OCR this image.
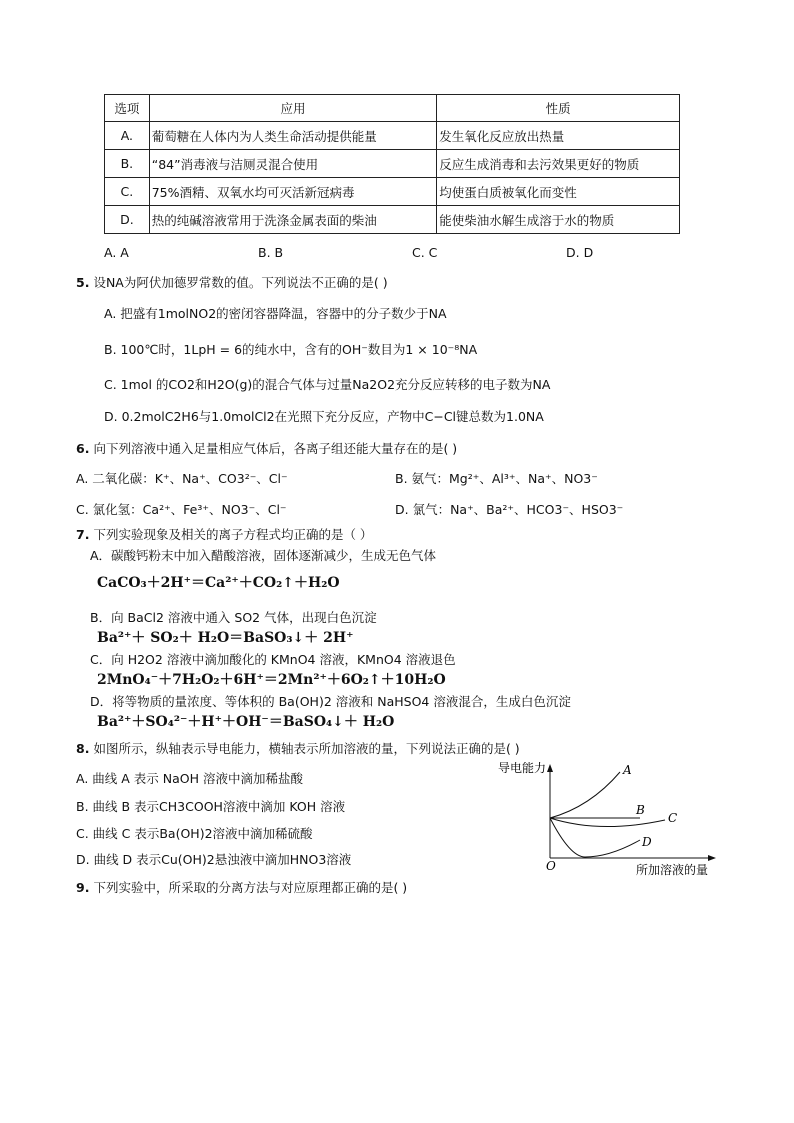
选项	应用	性质
A.	葡萄糖在人体内为人类生命活动提供能量	发生氧化反应放出热量
B.	“84”消毒液与洁厕灵混合使用	反应生成消毒和去污效果更好的物质
C.	75%酒精、双氧水均可灭活新冠病毒	均使蛋白质被氧化而变性
D.	热的纯碱溶液常用于洗涤金属表面的柴油	能使柴油水解生成溶于水的物质
A. A	B. B	C. C	D. D
5. 设NA为阿伏加德罗常数的值。下列说法不正确的是( )
A. 把盛有1molNO2的密闭容器降温，容器中的分子数少于NA
B. 100℃时，1LpH = 6的纯水中，含有的OH⁻数目为1 × 10⁻⁸NA
C. 1mol 的CO2和H2O(g)的混合气体与过量Na2O2充分反应转移的电子数为NA
D. 0.2molC2H6与1.0molCl2在光照下充分反应，产物中C−Cl键总数为1.0NA
6. 向下列溶液中通入足量相应气体后，各离子组还能大量存在的是( )
A. 二氧化碳：K⁺、Na⁺、CO3²⁻、Cl⁻	B. 氨气：Mg²⁺、Al³⁺、Na⁺、NO3⁻
C. 氯化氢：Ca²⁺、Fe³⁺、NO3⁻、Cl⁻	D. 氯气：Na⁺、Ba²⁺、HCO3⁻、HSO3⁻
7. 下列实验现象及相关的离子方程式均正确的是（ ）
A．碳酸钙粉末中加入醋酸溶液，固体逐渐减少，生成无色气体
CaCO₃＋2H⁺＝Ca²⁺＋CO₂↑＋H₂O
B．向 BaCl2 溶液中通入 SO2 气体，出现白色沉淀
Ba²⁺＋ SO₂＋ H₂O＝BaSO₃↓＋ 2H⁺
C．向 H2O2 溶液中滴加酸化的 KMnO4 溶液，KMnO4 溶液退色
2MnO₄⁻＋7H₂O₂＋6H⁺＝2Mn²⁺＋6O₂↑＋10H₂O
D．将等物质的量浓度、等体积的 Ba(OH)2 溶液和 NaHSO4 溶液混合，生成白色沉淀
Ba²⁺＋SO₄²⁻＋H⁺＋OH⁻＝BaSO₄↓＋ H₂O
8. 如图所示，纵轴表示导电能力，横轴表示所加溶液的量，下列说法正确的是( )
A. 曲线 A 表示 NaOH 溶液中滴加稀盐酸
B. 曲线 B 表示CH3COOH溶液中滴加 KOH 溶液
C. 曲线 C 表示Ba(OH)2溶液中滴加稀硫酸
D. 曲线 D 表示Cu(OH)2悬浊液中滴加HNO3溶液
导电能力
所加溶液的量
O
A
B
C
D
9. 下列实验中，所采取的分离方法与对应原理都正确的是( )
